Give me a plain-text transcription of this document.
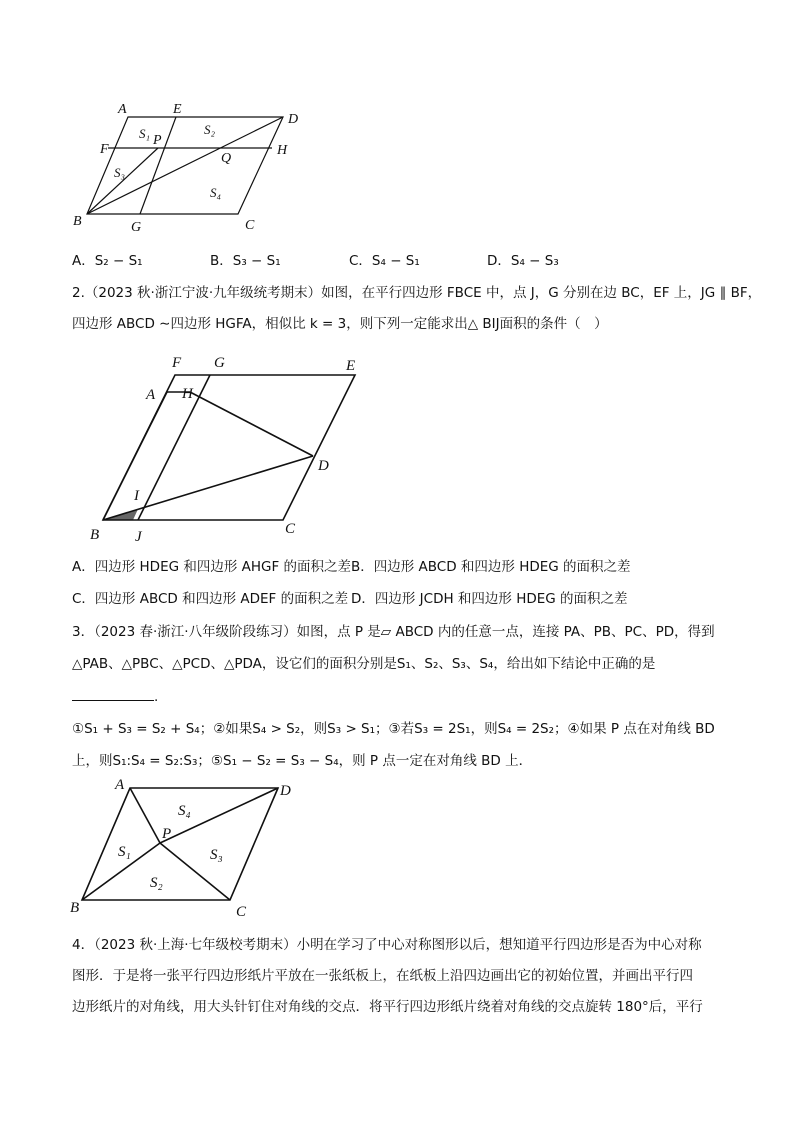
A	E
D
F
P
H
Q
B	G	C
S₁	S₂
S₃
S₄
A．S₂ − S₁	B．S₃ − S₁	C．S₄ − S₁	D．S₄ − S₃
2.（2023 秋·浙江宁波·九年级统考期末）如图，在平行四边形 FBCE 中，点 J，G 分别在边 BC，EF 上，JG ∥ BF，
四边形 ABCD ∼四边形 HGFA，相似比 k = 3，则下列一定能求出△ BIJ面积的条件（　）
F G	E
A H
D
I
B J	C
A．四边形 HDEG 和四边形 AHGF 的面积之差 B．四边形 ABCD 和四边形 HDEG 的面积之差
C．四边形 ABCD 和四边形 ADEF 的面积之差 D．四边形 JCDH 和四边形 HDEG 的面积之差
3．（2023 春·浙江·八年级阶段练习）如图，点 P 是▱ ABCD 内的任意一点，连接 PA、PB、PC、PD，得到
△PAB、△PBC、△PCD、△PDA，设它们的面积分别是S₁、S₂、S₃、S₄，给出如下结论中正确的是
.
①S₁ + S₃ = S₂ + S₄；②如果S₄ > S₂，则S₃ > S₁；③若S₃ = 2S₁，则S₄ = 2S₂；④如果 P 点在对角线 BD
上，则S₁:S₄ = S₂:S₃；⑤S₁ − S₂ = S₃ − S₄，则 P 点一定在对角线 BD 上．
A	D
P
B	C
S₁
S₂
S₃
S₄
4．（2023 秋·上海·七年级校考期末）小明在学习了中心对称图形以后，想知道平行四边形是否为中心对称
图形．于是将一张平行四边形纸片平放在一张纸板上，在纸板上沿四边画出它的初始位置，并画出平行四
边形纸片的对角线，用大头针钉住对角线的交点．将平行四边形纸片绕着对角线的交点旋转 180°后，平行
